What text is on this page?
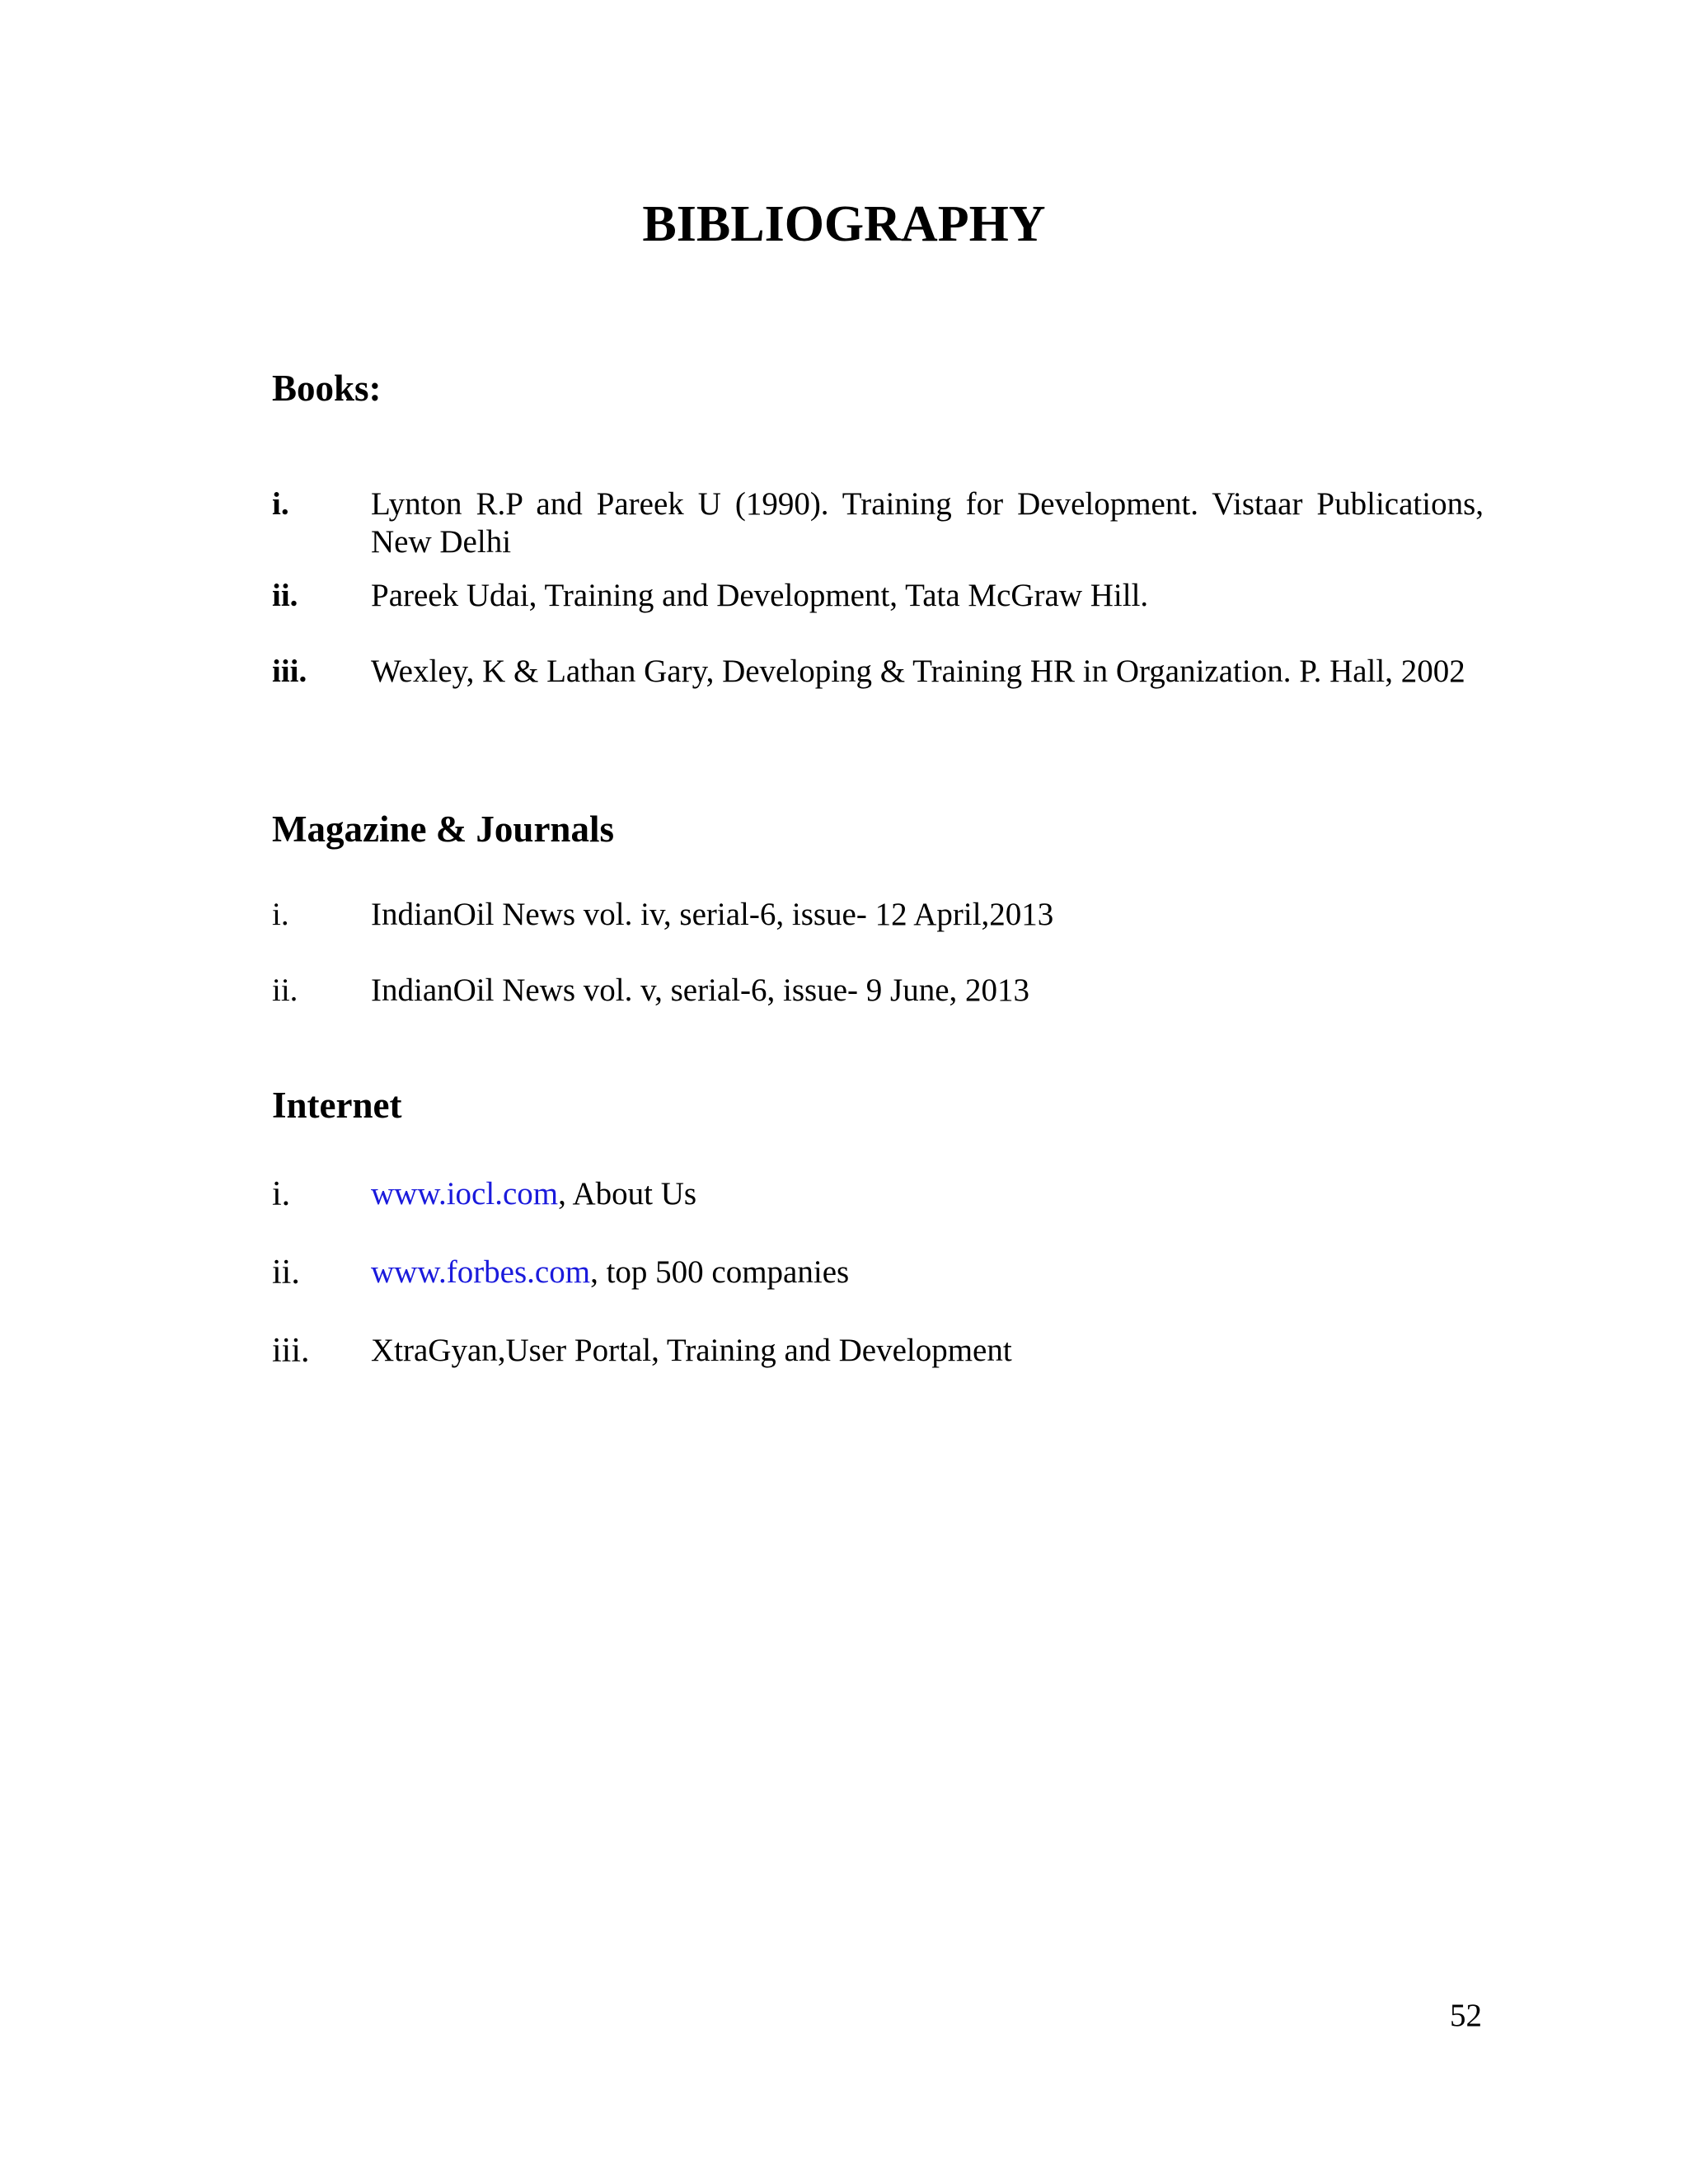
BIBLIOGRAPHY
Books:
i.	Lynton R.P and Pareek U (1990). Training for Development. Vistaar Publications, New Delhi
ii.	Pareek Udai, Training and Development, Tata McGraw Hill.
iii.	Wexley, K & Lathan Gary, Developing & Training HR in Organization. P. Hall, 2002
Magazine & Journals
i.	IndianOil News vol. iv, serial-6, issue- 12 April,2013
ii.	IndianOil News vol. v, serial-6, issue- 9 June, 2013
Internet
i.	www.iocl.com, About Us
ii.	www.forbes.com, top 500 companies
iii.	XtraGyan,User Portal, Training and Development
52
